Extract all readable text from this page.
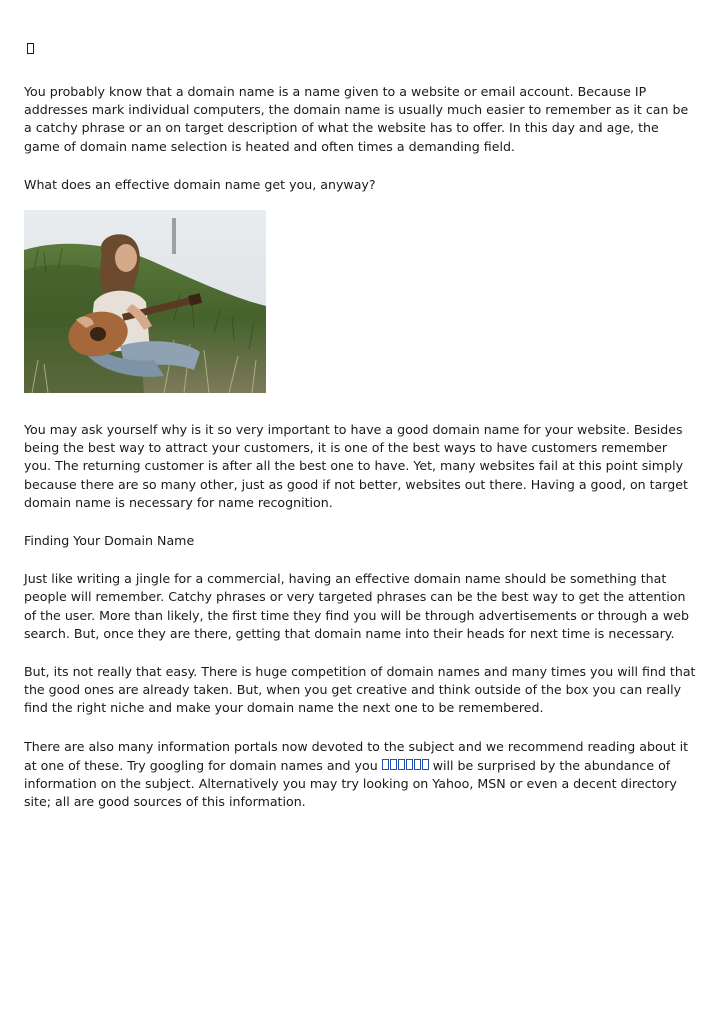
You probably know that a domain name is a name given to a website or email account. Because IP addresses mark individual computers, the domain name is usually much easier to remember as it can be a catchy phrase or an on target description of what the website has to offer. In this day and age, the game of domain name selection is heated and often times a demanding field.

What does an effective domain name get you, anyway?

You may ask yourself why is it so very important to have a good domain name for your website. Besides being the best way to attract your customers, it is one of the best ways to have customers remember you. The returning customer is after all the best one to have. Yet, many websites fail at this point simply because there are so many other, just as good if not better, websites out there. Having a good, on target domain name is necessary for name recognition.

Finding Your Domain Name

Just like writing a jingle for a commercial, having an effective domain name should be something that people will remember. Catchy phrases or very targeted phrases can be the best way to get the attention of the user. More than likely, the first time they find you will be through advertisements or through a web search. But, once they are there, getting that domain name into their heads for next time is necessary.

But, its not really that easy. There is huge competition of domain names and many times you will find that the good ones are already taken. But, when you get creative and think outside of the box you can really find the right niche and make your domain name the next one to be remembered.

There are also many information portals now devoted to the subject and we recommend reading about it at one of these. Try googling for domain names and you	will be surprised by the abundance of information on the subject. Alternatively you may try looking on Yahoo, MSN or even a decent directory site; all are good sources of this information.
